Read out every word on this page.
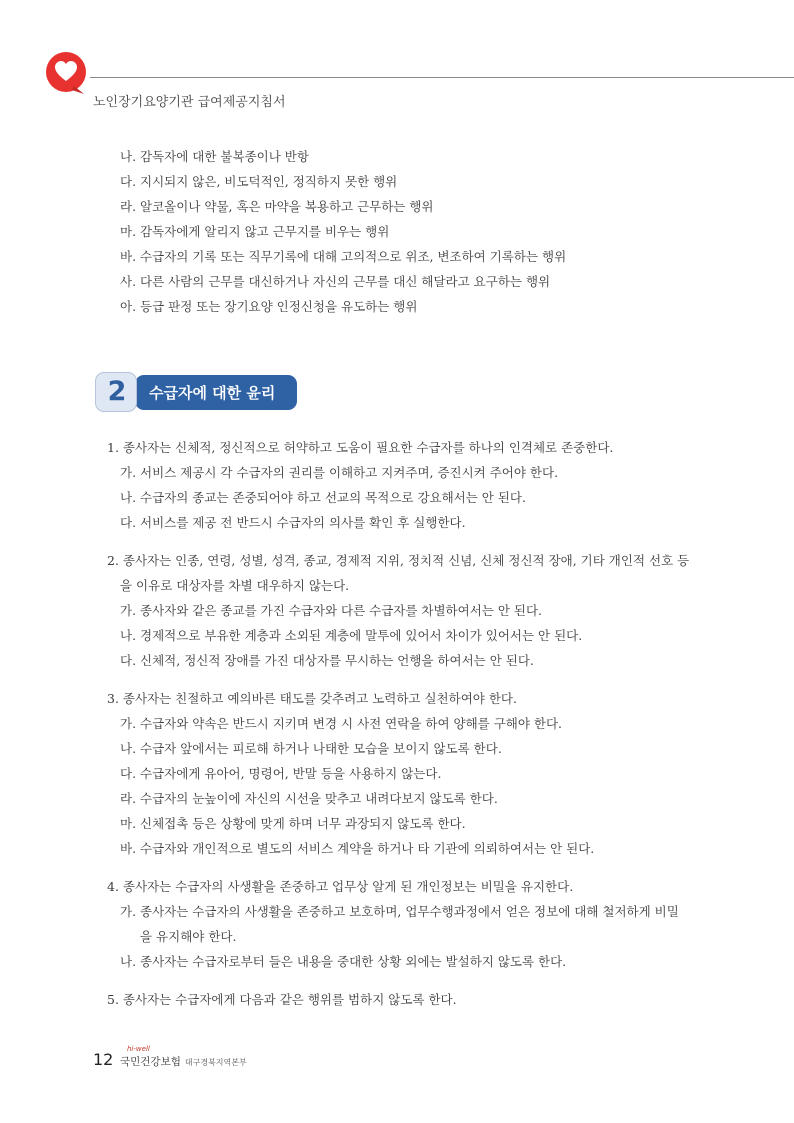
노인장기요양기관 급여제공지침서
나. 감독자에 대한 불복종이나 반항
다. 지시되지 않은, 비도덕적인, 정직하지 못한 행위
라. 알코올이나 약물, 혹은 마약을 복용하고 근무하는 행위
마. 감독자에게 알리지 않고 근무지를 비우는 행위
바. 수급자의 기록 또는 직무기록에 대해 고의적으로 위조, 변조하여 기록하는 행위
사. 다른 사람의 근무를 대신하거나 자신의 근무를 대신 해달라고 요구하는 행위
아. 등급 판정 또는 장기요양 인정신청을 유도하는 행위
수급자에 대한 윤리
2
1. 종사자는 신체적, 정신적으로 허약하고 도움이 필요한 수급자를 하나의 인격체로 존중한다.
가. 서비스 제공시 각 수급자의 권리를 이해하고 지켜주며, 증진시켜 주어야 한다.
나. 수급자의 종교는 존중되어야 하고 선교의 목적으로 강요해서는 안 된다.
다. 서비스를 제공 전 반드시 수급자의 의사를 확인 후 실행한다.
2. 종사자는 인종, 연령, 성별, 성격, 종교, 경제적 지위, 정치적 신념, 신체 정신적 장애, 기타 개인적 선호 등
을 이유로 대상자를 차별 대우하지 않는다.
가. 종사자와 같은 종교를 가진 수급자와 다른 수급자를 차별하여서는 안 된다.
나. 경제적으로 부유한 계층과 소외된 계층에 말투에 있어서 차이가 있어서는 안 된다.
다. 신체적, 정신적 장애를 가진 대상자를 무시하는 언행을 하여서는 안 된다.
3. 종사자는 친절하고 예의바른 태도를 갖추려고 노력하고 실천하여야 한다.
가. 수급자와 약속은 반드시 지키며 변경 시 사전 연락을 하여 양해를 구해야 한다.
나. 수급자 앞에서는 피로해 하거나 나태한 모습을 보이지 않도록 한다.
다. 수급자에게 유아어, 명령어, 반말 등을 사용하지 않는다.
라. 수급자의 눈높이에 자신의 시선을 맞추고 내려다보지 않도록 한다.
마. 신체접촉 등은 상황에 맞게 하며 너무 과장되지 않도록 한다.
바. 수급자와 개인적으로 별도의 서비스 계약을 하거나 타 기관에 의뢰하여서는 안 된다.
4. 종사자는 수급자의 사생활을 존중하고 업무상 알게 된 개인정보는 비밀을 유지한다.
가. 종사자는 수급자의 사생활을 존중하고 보호하며, 업무수행과정에서 얻은 정보에 대해 철저하게 비밀
을 유지해야 한다.
나. 종사자는 수급자로부터 들은 내용을 중대한 상황 외에는 발설하지 않도록 한다.
5. 종사자는 수급자에게 다음과 같은 행위를 범하지 않도록 한다.
12
hi-well
국민건강보험 대구경북지역본부
